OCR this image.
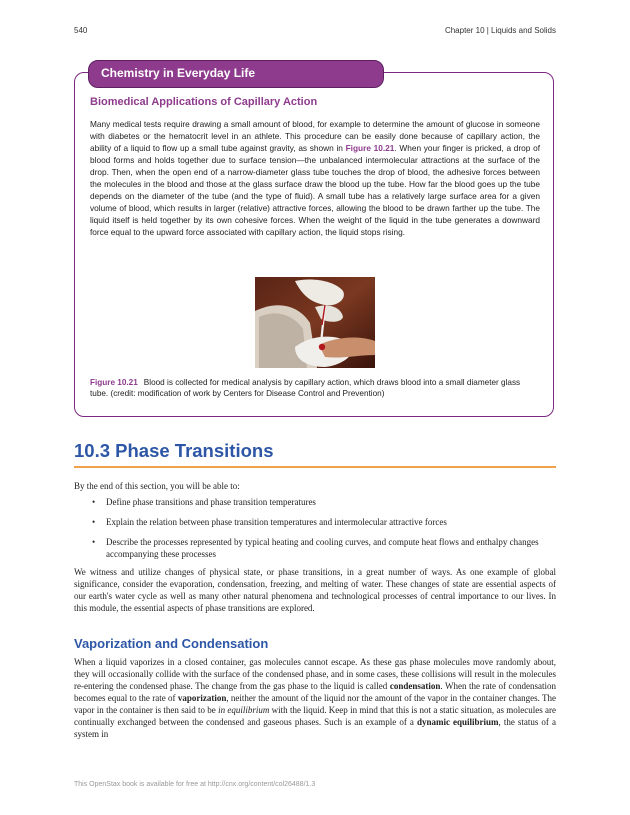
540	Chapter 10 | Liquids and Solids
Chemistry in Everyday Life
Biomedical Applications of Capillary Action
Many medical tests require drawing a small amount of blood, for example to determine the amount of glucose in someone with diabetes or the hematocrit level in an athlete. This procedure can be easily done because of capillary action, the ability of a liquid to flow up a small tube against gravity, as shown in Figure 10.21. When your finger is pricked, a drop of blood forms and holds together due to surface tension—the unbalanced intermolecular attractions at the surface of the drop. Then, when the open end of a narrow-diameter glass tube touches the drop of blood, the adhesive forces between the molecules in the blood and those at the glass surface draw the blood up the tube. How far the blood goes up the tube depends on the diameter of the tube (and the type of fluid). A small tube has a relatively large surface area for a given volume of blood, which results in larger (relative) attractive forces, allowing the blood to be drawn farther up the tube. The liquid itself is held together by its own cohesive forces. When the weight of the liquid in the tube generates a downward force equal to the upward force associated with capillary action, the liquid stops rising.
Figure 10.21 Blood is collected for medical analysis by capillary action, which draws blood into a small diameter glass tube. (credit: modification of work by Centers for Disease Control and Prevention)
10.3 Phase Transitions
By the end of this section, you will be able to:
• Define phase transitions and phase transition temperatures
• Explain the relation between phase transition temperatures and intermolecular attractive forces
• Describe the processes represented by typical heating and cooling curves, and compute heat flows and enthalpy changes accompanying these processes
We witness and utilize changes of physical state, or phase transitions, in a great number of ways. As one example of global significance, consider the evaporation, condensation, freezing, and melting of water. These changes of state are essential aspects of our earth's water cycle as well as many other natural phenomena and technological processes of central importance to our lives. In this module, the essential aspects of phase transitions are explored.
Vaporization and Condensation
When a liquid vaporizes in a closed container, gas molecules cannot escape. As these gas phase molecules move randomly about, they will occasionally collide with the surface of the condensed phase, and in some cases, these collisions will result in the molecules re-entering the condensed phase. The change from the gas phase to the liquid is called condensation. When the rate of condensation becomes equal to the rate of vaporization, neither the amount of the liquid nor the amount of the vapor in the container changes. The vapor in the container is then said to be in equilibrium with the liquid. Keep in mind that this is not a static situation, as molecules are continually exchanged between the condensed and gaseous phases. Such is an example of a dynamic equilibrium, the status of a system in
This OpenStax book is available for free at http://cnx.org/content/col26488/1.3
